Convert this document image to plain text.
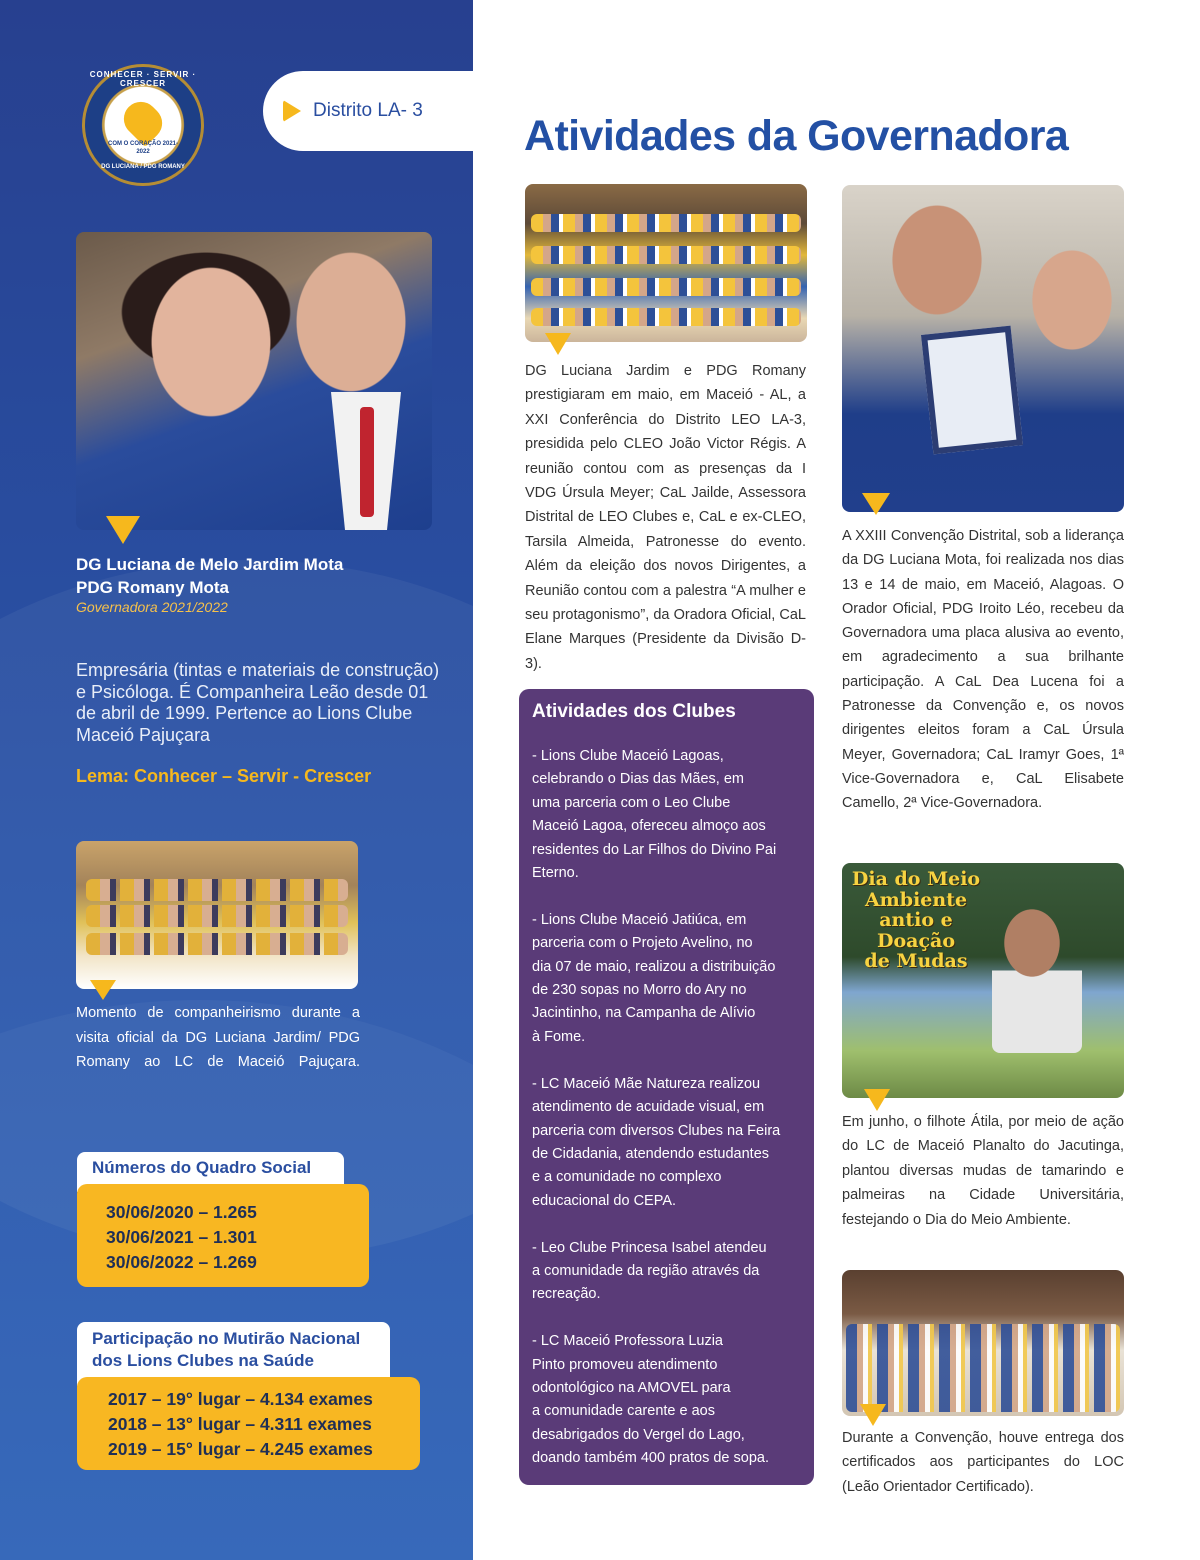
CONHECER · SERVIR · CRESCER
COM O CORAÇÃO 2021-2022
DG LUCIANA / PDG ROMANY
Distrito LA- 3
DG Luciana de Melo Jardim Mota
PDG Romany Mota
Governadora 2021/2022
Empresária (tintas e materiais de construção) e Psicóloga. É Companheira Leão desde 01 de abril de 1999. Pertence ao Lions Clube Maceió Pajuçara
Lema: Conhecer – Servir - Crescer
Momento de companheirismo durante a visita oficial da DG Luciana Jardim/ PDG Romany ao LC de Maceió Pajuçara.
Números do Quadro Social
30/06/2020 – 1.265
30/06/2021 – 1.301
30/06/2022 – 1.269
Participação no Mutirão Nacional dos Lions Clubes na Saúde
2017 – 19° lugar – 4.134 exames
2018 – 13° lugar – 4.311 exames
2019 – 15° lugar – 4.245 exames
Atividades da Governadora
DG Luciana Jardim e PDG Romany prestigiaram em maio, em Maceió - AL, a XXI Conferência do Distrito LEO LA-3, presidida pelo CLEO João Victor Régis. A reunião contou com as presenças da I VDG Úrsula Meyer; CaL Jailde, Assessora Distrital de LEO Clubes e, CaL e ex-CLEO, Tarsila Almeida, Patronesse do evento. Além da eleição dos novos Dirigentes, a Reunião contou com a palestra “A mulher e seu protagonismo”, da Oradora Oficial, CaL Elane Marques (Presidente da Divisão D-3).
Atividades dos Clubes
- Lions Clube Maceió Lagoas,
celebrando o Dias das Mães, em
uma parceria com o Leo Clube
Maceió Lagoa, ofereceu almoço aos
residentes do Lar Filhos do Divino Pai
Eterno.

- Lions Clube Maceió Jatiúca, em
parceria com o Projeto Avelino, no
dia 07 de maio, realizou a distribuição
de 230 sopas no Morro do Ary no
Jacintinho, na Campanha de Alívio
à Fome.

- LC Maceió Mãe Natureza realizou
atendimento de acuidade visual, em
parceria com diversos Clubes na Feira
de Cidadania, atendendo estudantes
e a comunidade no complexo
educacional do CEPA.

- Leo Clube Princesa Isabel atendeu
a comunidade da região através da
recreação.

- LC Maceió Professora Luzia
Pinto promoveu atendimento
odontológico na AMOVEL para
a comunidade carente e aos
desabrigados do Vergel do Lago,
doando também 400 pratos de sopa.
A XXIII Convenção Distrital, sob a liderança da DG Luciana Mota, foi realizada nos dias 13 e 14 de maio, em Maceió, Alagoas. O Orador Oficial, PDG Iroito Léo, recebeu da Governadora uma placa alusiva ao evento, em agradecimento a sua brilhante participação. A CaL Dea Lucena foi a Patronesse da Convenção e, os novos dirigentes eleitos foram a CaL Úrsula Meyer, Governadora; CaL Iramyr Goes, 1ª Vice-Governadora e, CaL Elisabete Camello, 2ª Vice-Governadora.
Dia do Meio
Ambiente
antio e Doação
de Mudas
Em junho, o filhote Átila, por meio de ação do LC de Maceió Planalto do Jacutinga, plantou diversas mudas de tamarindo e palmeiras na Cidade Universitária, festejando o Dia do Meio Ambiente.
Durante a Convenção, houve entrega dos certificados aos participantes do LOC (Leão Orientador Certificado).
